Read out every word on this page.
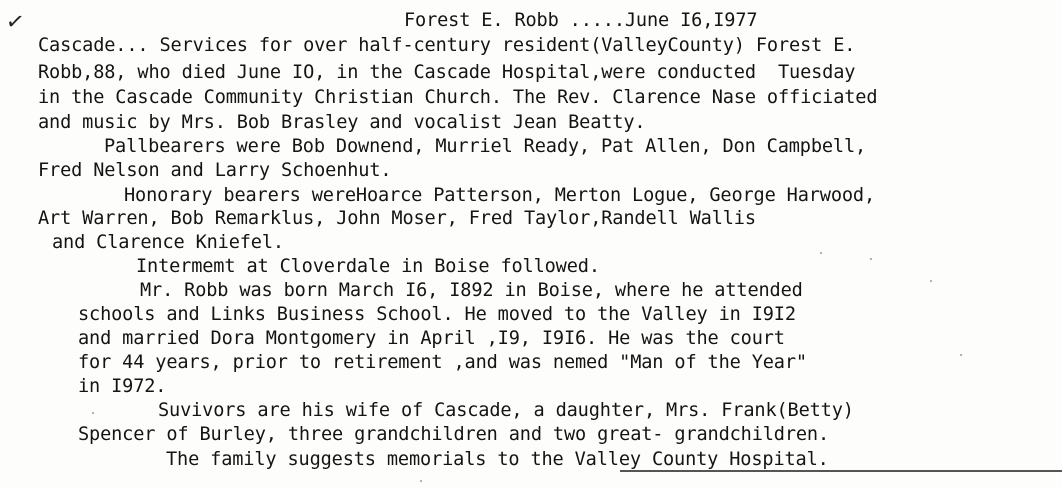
✓	Forest E. Robb .....June I6,I977
Cascade... Services for over half-century resident(ValleyCounty) Forest E.
Robb,88, who died June IO, in the Cascade Hospital,were conducted  Tuesday
in the Cascade Community Christian Church. The Rev. Clarence Nase officiated
and music by Mrs. Bob Brasley and vocalist Jean Beatty.
Pallbearers were Bob Downend, Murriel Ready, Pat Allen, Don Campbell,
Fred Nelson and Larry Schoenhut.
Honorary bearers wereHoarce Patterson, Merton Logue, George Harwood,
Art Warren, Bob Remarklus, John Moser, Fred Taylor,Randell Wallis
and Clarence Kniefel.
Intermemt at Cloverdale in Boise followed.
Mr. Robb was born March I6, I892 in Boise, where he attended
schools and Links Business School. He moved to the Valley in I9I2
and married Dora Montgomery in April ,I9, I9I6. He was the court
for 44 years, prior to retirement ,and was nemed "Man of the Year"
in I972.
Suvivors are his wife of Cascade, a daughter, Mrs. Frank(Betty)
Spencer of Burley, three grandchildren and two great- grandchildren.
The family suggests memorials to the Valley County Hospital.
